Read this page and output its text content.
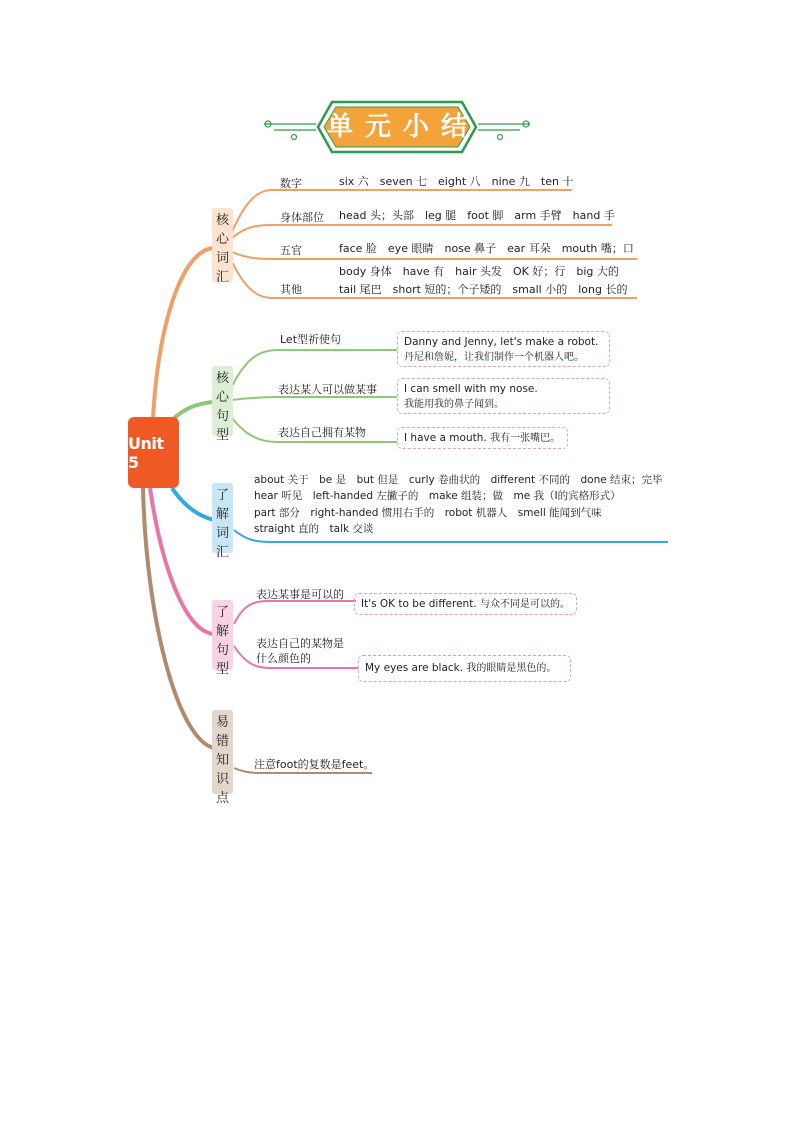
单元小结
Unit 5
核心词汇
核心句型
了解词汇
了解句型
易错知识点
数字	six 六　seven 七　eight 八　nine 九　ten 十
身体部位 head 头；头部　leg 腿　foot 脚　arm 手臂　hand 手
五官	face 脸　eye 眼睛　nose 鼻子　ear 耳朵　mouth 嘴；口
其他
body 身体　have 有　hair 头发　OK 好；行　big 大的
tail 尾巴　short 短的；个子矮的　small 小的　long 长的
Let型祈使句	Danny and Jenny, let's make a robot.
丹尼和詹妮，让我们制作一个机器人吧。
表达某人可以做某事	I can smell with my nose.
我能用我的鼻子闻到。
表达自己拥有某物	I have a mouth. 我有一张嘴巴。
about 关于　be 是　but 但是　curly 卷曲状的　different 不同的　done 结束；完毕
hear 听见　left-handed 左撇子的　make 组装；做　me 我（I的宾格形式）
part 部分　right-handed 惯用右手的　robot 机器人　smell 能闻到气味
straight 直的　talk 交谈
表达某事是可以的
It's OK to be different. 与众不同是可以的。
表达自己的某物是
什么颜色的
My eyes are black. 我的眼睛是黑色的。
注意foot的复数是feet。
